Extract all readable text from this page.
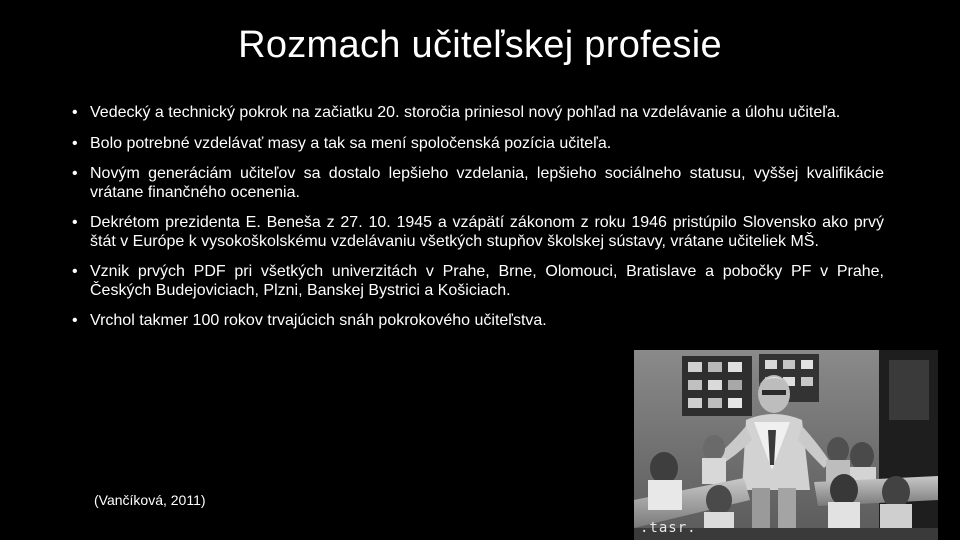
Rozmach učiteľskej profesie
• Vedecký a technický pokrok na začiatku 20. storočia priniesol nový pohľad na vzdelávanie a úlohu učiteľa.
• Bolo potrebné vzdelávať masy a tak sa mení spoločenská pozícia učiteľa.
• Novým generáciám učiteľov sa dostalo lepšieho vzdelania, lepšieho sociálneho statusu, vyššej kvalifikácie vrátane finančného ocenenia.
• Dekrétom prezidenta E. Beneša z 27. 10. 1945 a vzápätí zákonom z roku 1946 pristúpilo Slovensko ako prvý štát v Európe k vysokoškolskému vzdelávaniu všetkých stupňov školskej sústavy, vrátane učiteliek MŠ.
• Vznik prvých PDF pri všetkých univerzitách v Prahe, Brne, Olomouci, Bratislave a pobočky PF v Prahe, Českých Budejoviciach, Plzni, Banskej Bystrici a Košiciach.
• Vrchol takmer 100 rokov trvajúcich snáh pokrokového učiteľstva.
(Vančíková, 2011)
.tasr.
